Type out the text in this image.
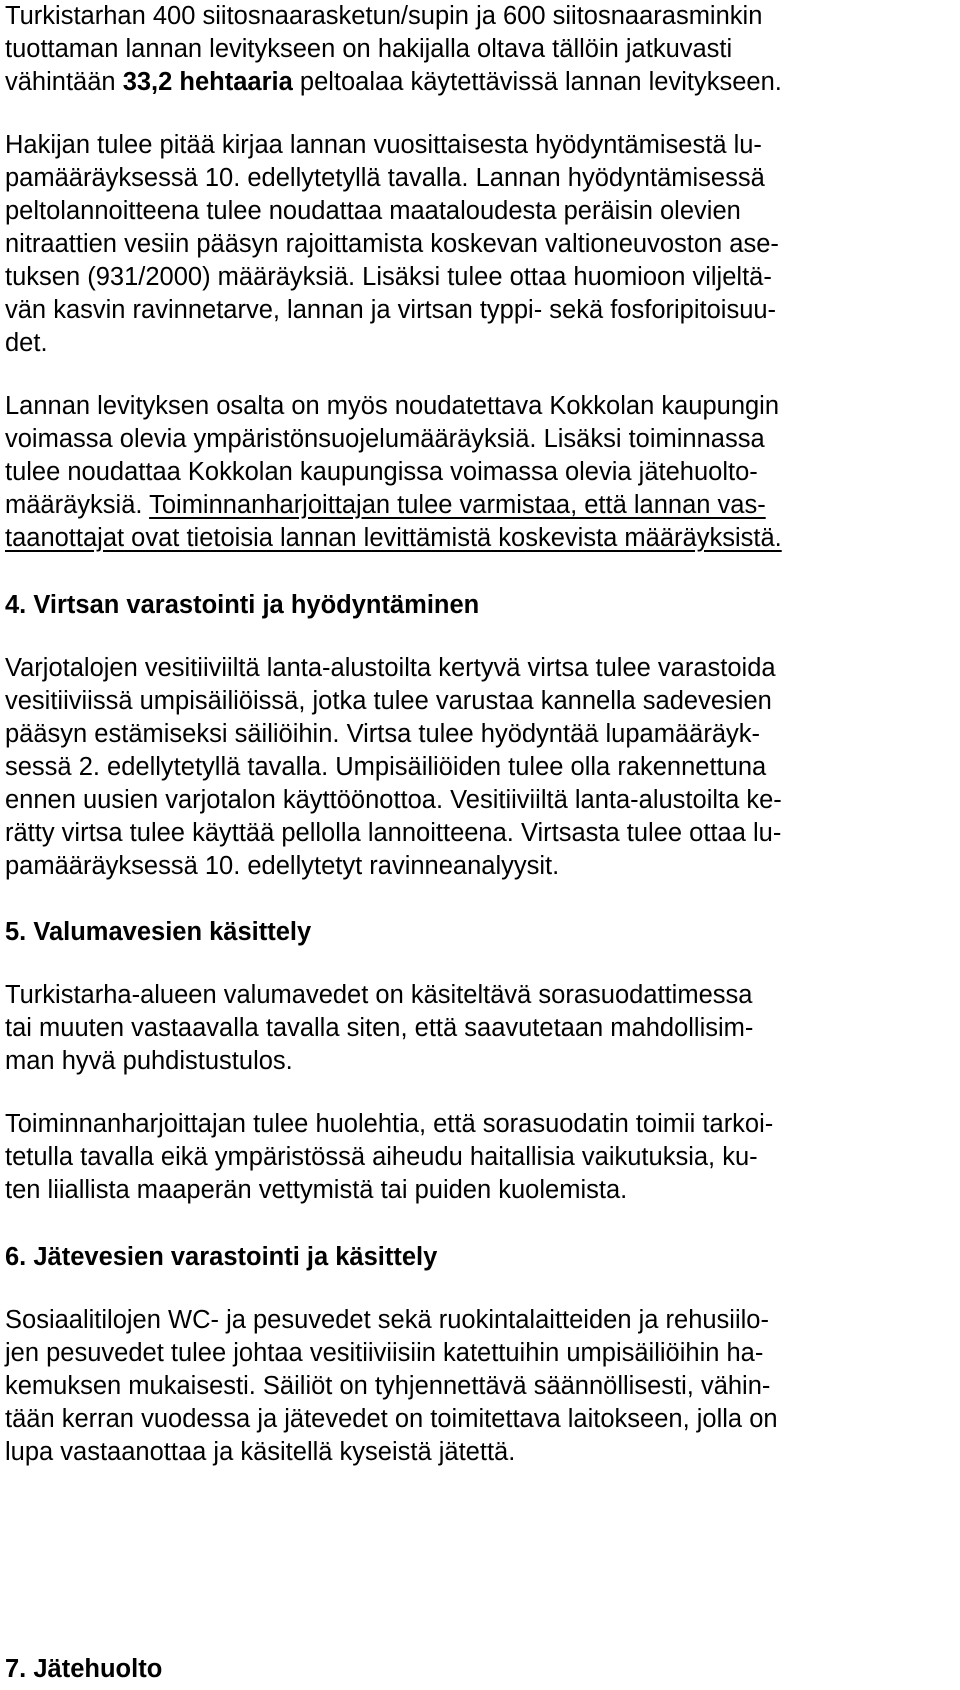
Turkistarhan 400 siitosnaarasketun/supin ja 600 siitosnaarasminkin
tuottaman lannan levitykseen on hakijalla oltava tällöin jatkuvasti
vähintään 33,2 hehtaaria peltoalaa käytettävissä lannan levitykseen.
Hakijan tulee pitää kirjaa lannan vuosittaisesta hyödyntämisestä lu-
pamääräyksessä 10. edellytetyllä tavalla. Lannan hyödyntämisessä
peltolannoitteena tulee noudattaa maataloudesta peräisin olevien
nitraattien vesiin pääsyn rajoittamista koskevan valtioneuvoston ase-
tuksen (931/2000) määräyksiä. Lisäksi tulee ottaa huomioon viljeltä-
vän kasvin ravinnetarve, lannan ja virtsan typpi- sekä fosforipitoisuu-
det.
Lannan levityksen osalta on myös noudatettava Kokkolan kaupungin
voimassa olevia ympäristönsuojelumääräyksiä. Lisäksi toiminnassa
tulee noudattaa Kokkolan kaupungissa voimassa olevia jätehuolto-
määräyksiä. Toiminnanharjoittajan tulee varmistaa, että lannan vas-
taanottajat ovat tietoisia lannan levittämistä koskevista määräyksistä.
4. Virtsan varastointi ja hyödyntäminen
Varjotalojen vesitiiviiltä lanta-alustoilta kertyvä virtsa tulee varastoida
vesitiiviissä umpisäiliöissä, jotka tulee varustaa kannella sadevesien
pääsyn estämiseksi säiliöihin. Virtsa tulee hyödyntää lupamääräyk-
sessä 2. edellytetyllä tavalla. Umpisäiliöiden tulee olla rakennettuna
ennen uusien varjotalon käyttöönottoa. Vesitiiviiltä lanta-alustoilta ke-
rätty virtsa tulee käyttää pellolla lannoitteena. Virtsasta tulee ottaa lu-
pamääräyksessä 10. edellytetyt ravinneanalyysit.
5. Valumavesien käsittely
Turkistarha-alueen valumavedet on käsiteltävä sorasuodattimessa
tai muuten vastaavalla tavalla siten, että saavutetaan mahdollisim-
man hyvä puhdistustulos.
Toiminnanharjoittajan tulee huolehtia, että sorasuodatin toimii tarkoi-
tetulla tavalla eikä ympäristössä aiheudu haitallisia vaikutuksia, ku-
ten liiallista maaperän vettymistä tai puiden kuolemista.
6. Jätevesien varastointi ja käsittely
Sosiaalitilojen WC- ja pesuvedet sekä ruokintalaitteiden ja rehusiilo-
jen pesuvedet tulee johtaa vesitiiviisiin katettuihin umpisäiliöihin ha-
kemuksen mukaisesti. Säiliöt on tyhjennettävä säännöllisesti, vähin-
tään kerran vuodessa ja jätevedet on toimitettava laitokseen, jolla on
lupa vastaanottaa ja käsitellä kyseistä jätettä.
7. Jätehuolto
